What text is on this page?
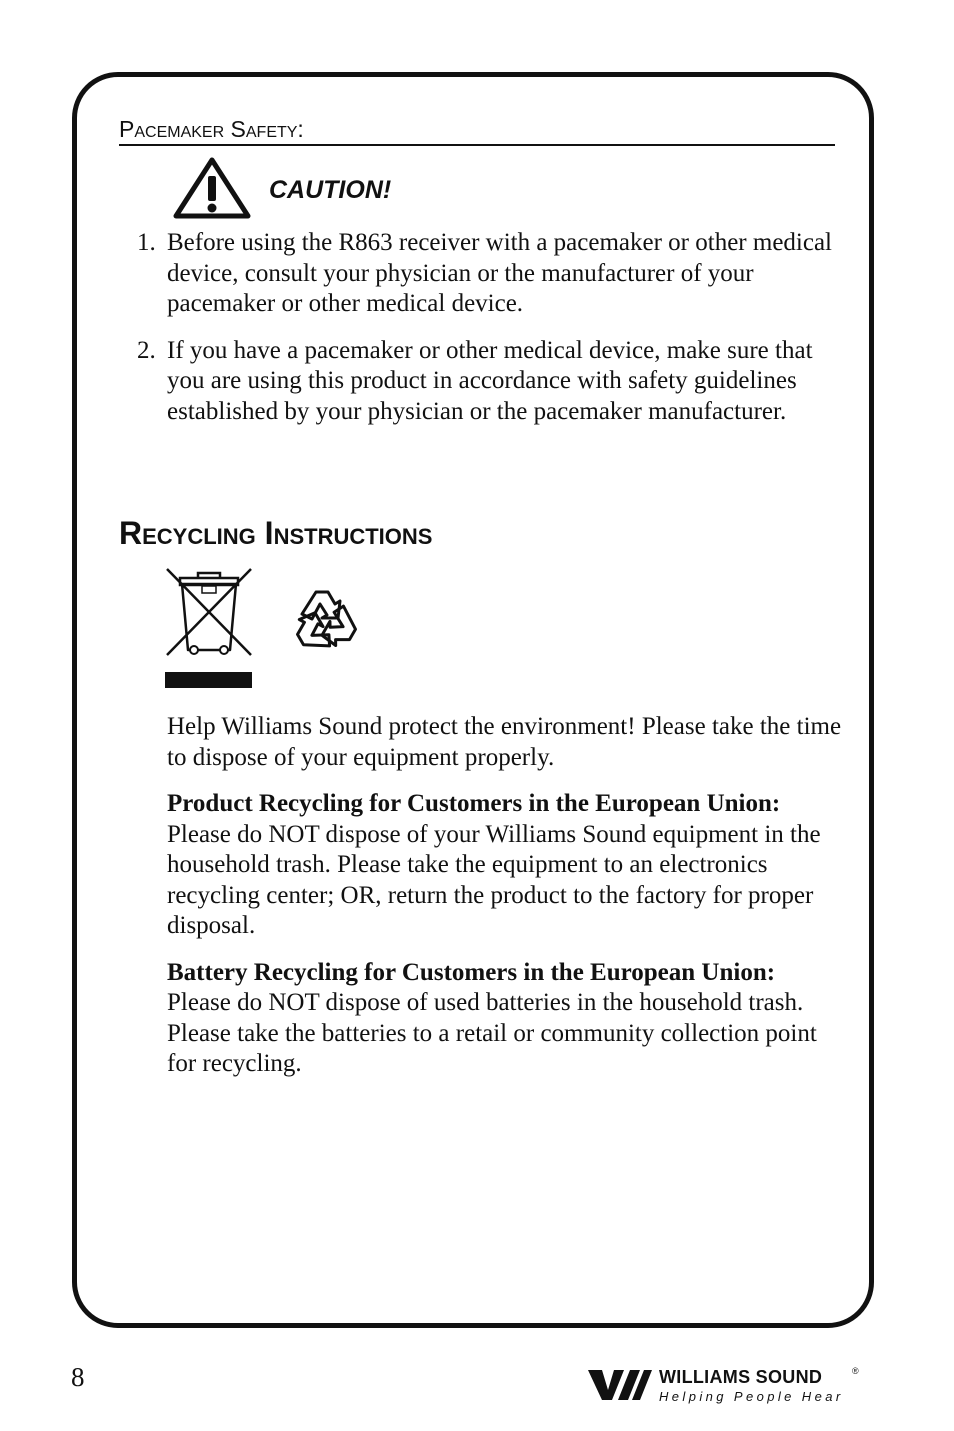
Pacemaker Safety:
CAUTION!
1. Before using the R863 receiver with a pacemaker or other medical device, consult your physician or the manufacturer of your pacemaker or other medical device.
2. If you have a pacemaker or other medical device, make sure that you are using this product in accordance with safety guidelines established by your physician or the pacemaker manufacturer.
Recycling Instructions

Help Williams Sound protect the environment! Please take the time to dispose of your equipment properly.

Product Recycling for Customers in the European Union:
Please do NOT dispose of your Williams Sound equipment in the household trash. Please take the equipment to an electronics recycling center; OR, return the product to the factory for proper disposal.

Battery Recycling for Customers in the European Union:
Please do NOT dispose of used batteries in the household trash. Please take the batteries to a retail or community collection point for recycling.

8	WILLIAMS SOUND	®
Helping People Hear
